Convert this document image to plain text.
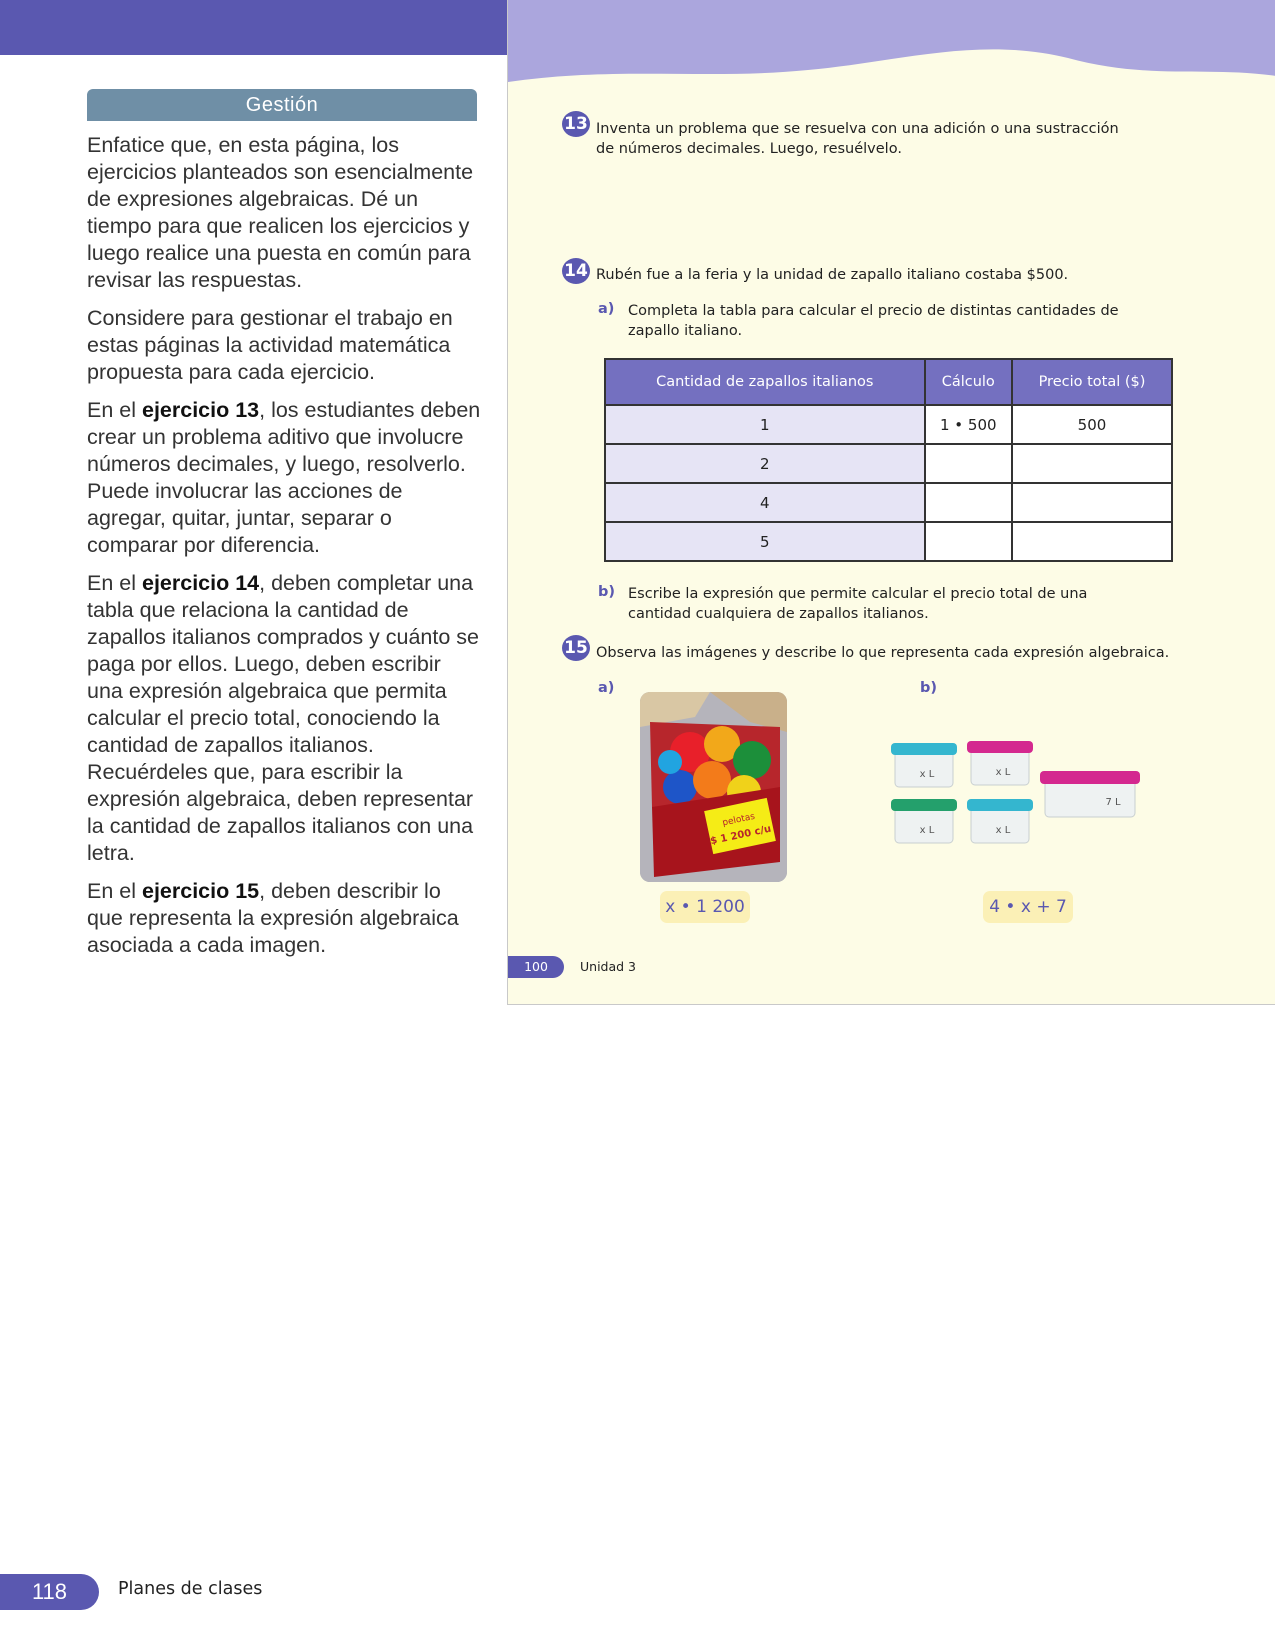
Gestión

Enfatice que, en esta página, los ejercicios planteados son esencialmente de expresiones algebraicas. Dé un tiempo para que realicen los ejercicios y luego realice una puesta en común para revisar las respuestas.

Considere para gestionar el trabajo en estas páginas la actividad matemática propuesta para cada ejercicio.

En el ejercicio 13, los estudiantes deben crear un problema aditivo que involucre números decimales, y luego, resolverlo. Puede involucrar las acciones de agregar, quitar, juntar, separar o comparar por diferencia.

En el ejercicio 14, deben completar una tabla que relaciona la cantidad de zapallos italianos comprados y cuánto se paga por ellos. Luego, deben escribir una expresión algebraica que permita calcular el precio total, conociendo la cantidad de zapallos italianos. Recuérdeles que, para escribir la expresión algebraica, deben representar la cantidad de zapallos italianos con una letra.

En el ejercicio 15, deben describir lo que representa la expresión algebraica asociada a cada imagen.

13 Inventa un problema que se resuelva con una adición o una sustracción
de números decimales. Luego, resuélvelo.
14 Rubén fue a la feria y la unidad de zapallo italiano costaba $500.
a) Completa la tabla para calcular el precio de distintas cantidades de
zapallo italiano.
Cantidad de zapallos italianos	Cálculo	Precio total ($)
1	1 • 500	500
2		
4		
5		
b) Escribe la expresión que permite calcular el precio total de una
cantidad cualquiera de zapallos italianos.
15 Observa las imágenes y describe lo que representa cada expresión algebraica.
a)	b)
pelotas
$ 1 200 c/u
x L	x L
x L	x L
7 L
x • 1 200	4 • x + 7
100	Unidad 3
118	Planes de clases
